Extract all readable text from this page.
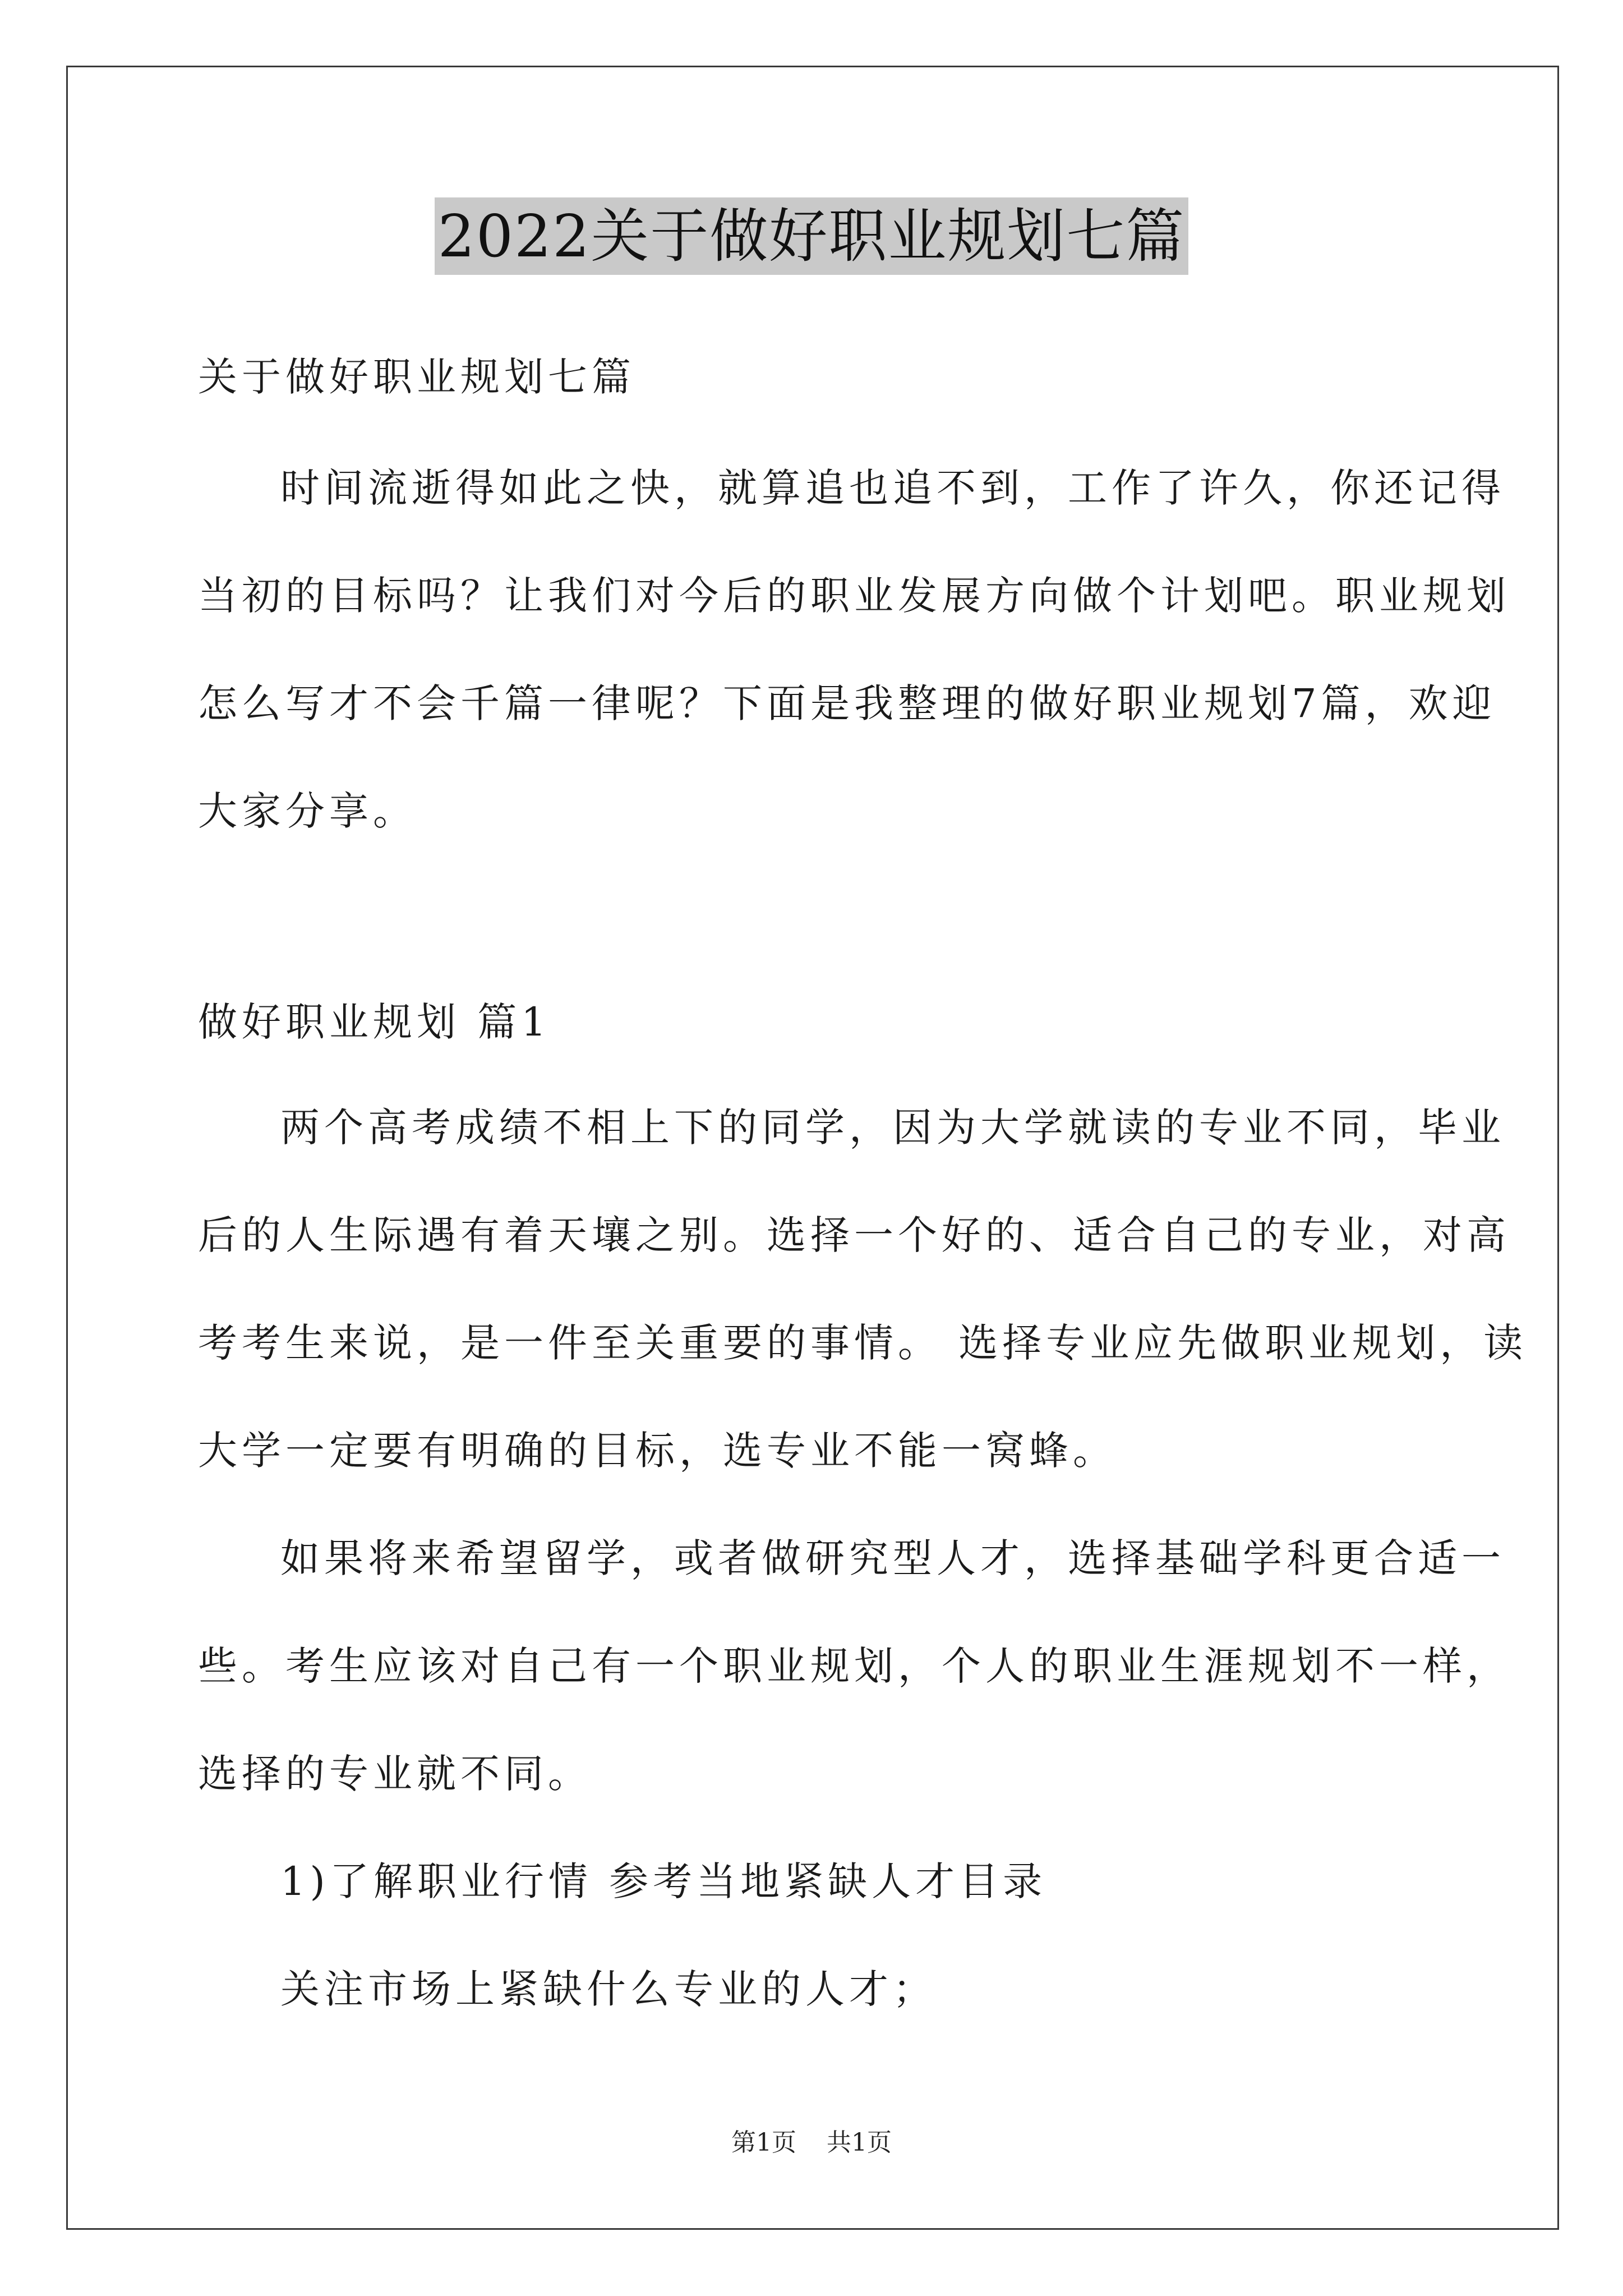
2022关于做好职业规划七篇

关于做好职业规划七篇

时间流逝得如此之快，就算追也追不到，工作了许久，你还记得

当初的目标吗？让我们对今后的职业发展方向做个计划吧。职业规划

怎么写才不会千篇一律呢？下面是我整理的做好职业规划7篇，欢迎

大家分享。

做好职业规划 篇1

两个高考成绩不相上下的同学，因为大学就读的专业不同，毕业

后的人生际遇有着天壤之别。选择一个好的、适合自己的专业，对高

考考生来说，是一件至关重要的事情。 选择专业应先做职业规划，读

大学一定要有明确的目标，选专业不能一窝蜂。

如果将来希望留学，或者做研究型人才，选择基础学科更合适一

些。考生应该对自己有一个职业规划，个人的职业生涯规划不一样，

选择的专业就不同。

1)了解职业行情 参考当地紧缺人才目录

关注市场上紧缺什么专业的人才；

第1页 共1页
